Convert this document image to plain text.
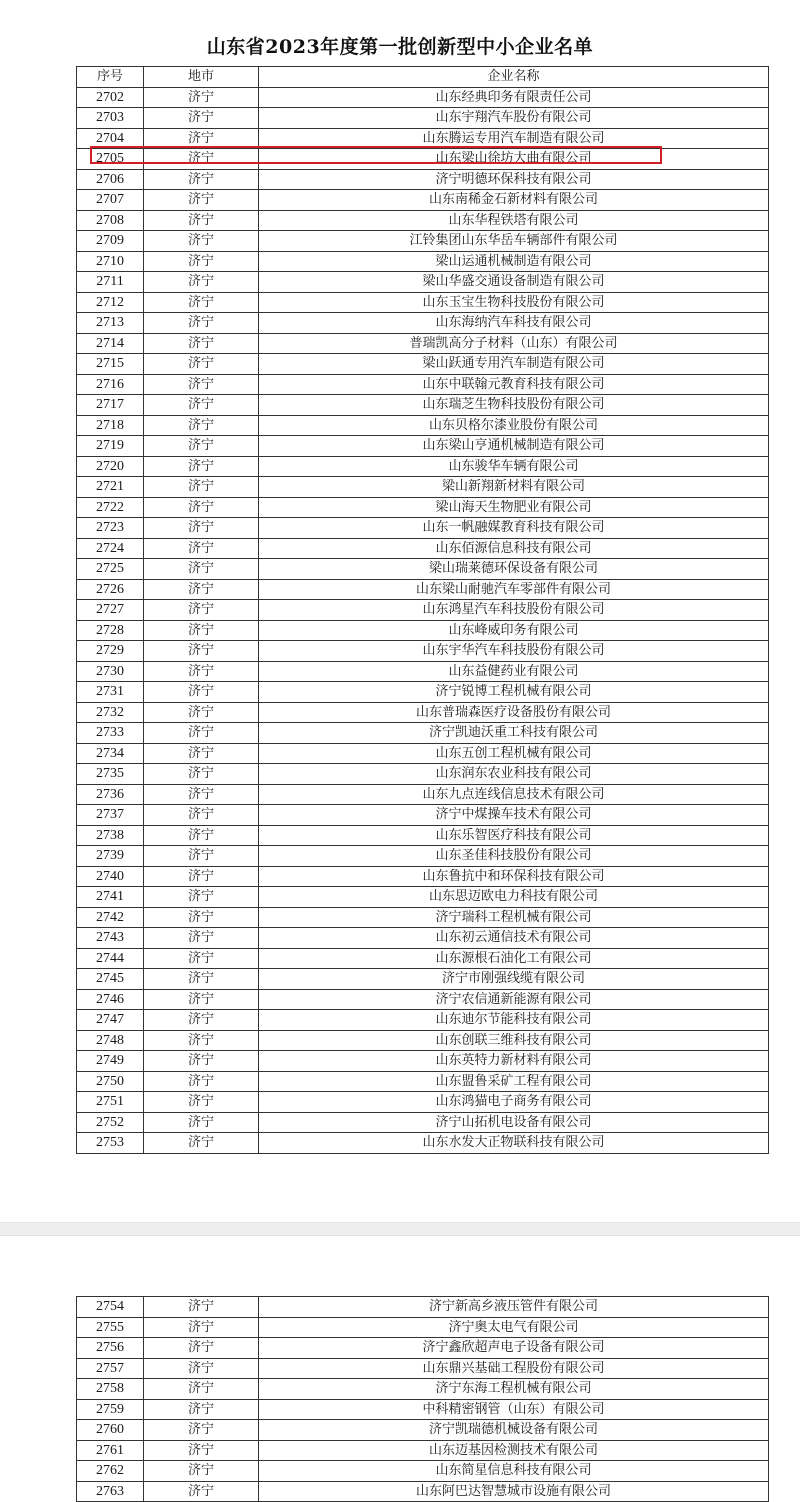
山东省2023年度第一批创新型中小企业名单
序号	地市	企业名称
2702	济宁	山东经典印务有限责任公司
2703	济宁	山东宇翔汽车股份有限公司
2704	济宁	山东腾运专用汽车制造有限公司
2705	济宁	山东梁山徐坊大曲有限公司
2706	济宁	济宁明德环保科技有限公司
2707	济宁	山东南稀金石新材料有限公司
2708	济宁	山东华程铁塔有限公司
2709	济宁	江铃集团山东华岳车辆部件有限公司
2710	济宁	梁山运通机械制造有限公司
2711	济宁	梁山华盛交通设备制造有限公司
2712	济宁	山东玉宝生物科技股份有限公司
2713	济宁	山东海纳汽车科技有限公司
2714	济宁	普瑞凯高分子材料（山东）有限公司
2715	济宁	梁山跃通专用汽车制造有限公司
2716	济宁	山东中联翰元教育科技有限公司
2717	济宁	山东瑞芝生物科技股份有限公司
2718	济宁	山东贝格尔漆业股份有限公司
2719	济宁	山东梁山亨通机械制造有限公司
2720	济宁	山东骏华车辆有限公司
2721	济宁	梁山新翔新材料有限公司
2722	济宁	梁山海天生物肥业有限公司
2723	济宁	山东一帆融媒教育科技有限公司
2724	济宁	山东佰源信息科技有限公司
2725	济宁	梁山瑞莱德环保设备有限公司
2726	济宁	山东梁山耐驰汽车零部件有限公司
2727	济宁	山东鸿星汽车科技股份有限公司
2728	济宁	山东峰威印务有限公司
2729	济宁	山东宇华汽车科技股份有限公司
2730	济宁	山东益健药业有限公司
2731	济宁	济宁锐博工程机械有限公司
2732	济宁	山东普瑞森医疗设备股份有限公司
2733	济宁	济宁凯迪沃重工科技有限公司
2734	济宁	山东五创工程机械有限公司
2735	济宁	山东润东农业科技有限公司
2736	济宁	山东九点连线信息技术有限公司
2737	济宁	济宁中煤操车技术有限公司
2738	济宁	山东乐智医疗科技有限公司
2739	济宁	山东圣佳科技股份有限公司
2740	济宁	山东鲁抗中和环保科技有限公司
2741	济宁	山东思迈欧电力科技有限公司
2742	济宁	济宁瑞科工程机械有限公司
2743	济宁	山东初云通信技术有限公司
2744	济宁	山东源根石油化工有限公司
2745	济宁	济宁市刚强线缆有限公司
2746	济宁	济宁农信通新能源有限公司
2747	济宁	山东迪尔节能科技有限公司
2748	济宁	山东创联三维科技有限公司
2749	济宁	山东英特力新材料有限公司
2750	济宁	山东盟鲁采矿工程有限公司
2751	济宁	山东鸿猫电子商务有限公司
2752	济宁	济宁山拓机电设备有限公司
2753	济宁	山东水发大正物联科技有限公司
2754	济宁	济宁新高乡液压管件有限公司
2755	济宁	济宁奥太电气有限公司
2756	济宁	济宁鑫欣超声电子设备有限公司
2757	济宁	山东鼎兴基础工程股份有限公司
2758	济宁	济宁东海工程机械有限公司
2759	济宁	中科精密钢管（山东）有限公司
2760	济宁	济宁凯瑞德机械设备有限公司
2761	济宁	山东迈基因检测技术有限公司
2762	济宁	山东简星信息科技有限公司
2763	济宁	山东阿巴达智慧城市设施有限公司
